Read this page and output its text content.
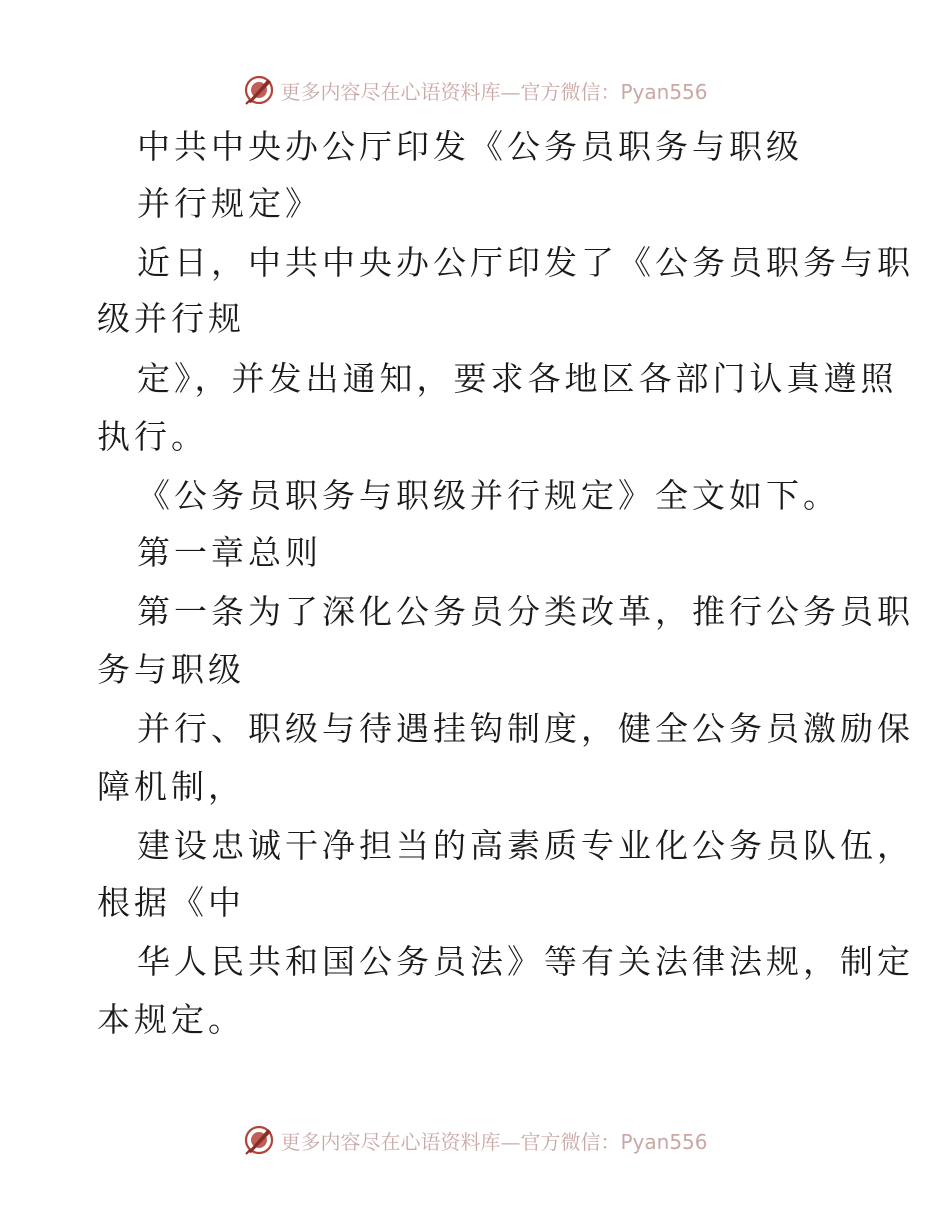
更多内容尽在心语资料库—官方微信：Pyan556
中共中央办公厅印发《公务员职务与职级
并行规定》
近日，中共中央办公厅印发了《公务员职务与职
级并行规
定》，并发出通知，要求各地区各部门认真遵照
执行。
《公务员职务与职级并行规定》全文如下。
第一章总则
第一条为了深化公务员分类改革，推行公务员职
务与职级
并行、职级与待遇挂钩制度，健全公务员激励保
障机制，
建设忠诚干净担当的高素质专业化公务员队伍，
根据《中
华人民共和国公务员法》等有关法律法规，制定
本规定。
更多内容尽在心语资料库—官方微信：Pyan556
